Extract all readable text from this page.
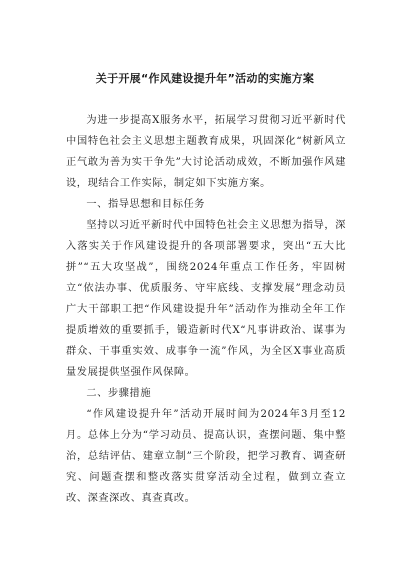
关于开展“作风建设提升年”活动的实施方案

为进一步提高X服务水平，拓展学习贯彻习近平新时代中国特色社会主义思想主题教育成果，巩固深化“树新风立正气敢为善为实干争先”大讨论活动成效，不断加强作风建设，现结合工作实际，制定如下实施方案。

一、指导思想和目标任务

坚持以习近平新时代中国特色社会主义思想为指导，深入落实关于作风建设提升的各项部署要求，突出“五大比拼”“五大攻坚战”，围绕2024年重点工作任务，牢固树立“依法办事、优质服务、守牢底线、支撑发展”理念动员广大干部职工把“作风建设提升年”活动作为推动全年工作提质增效的重要抓手，锻造新时代X“凡事讲政治、谋事为群众、干事重实效、成事争一流”作风，为全区X事业高质量发展提供坚强作风保障。

二、步骤措施

“作风建设提升年”活动开展时间为2024年3月至12月。总体上分为“学习动员、提高认识，查摆问题、集中整治，总结评估、建章立制”三个阶段，把学习教育、调查研究、问题查摆和整改落实贯穿活动全过程，做到立查立改、深查深改、真查真改。
